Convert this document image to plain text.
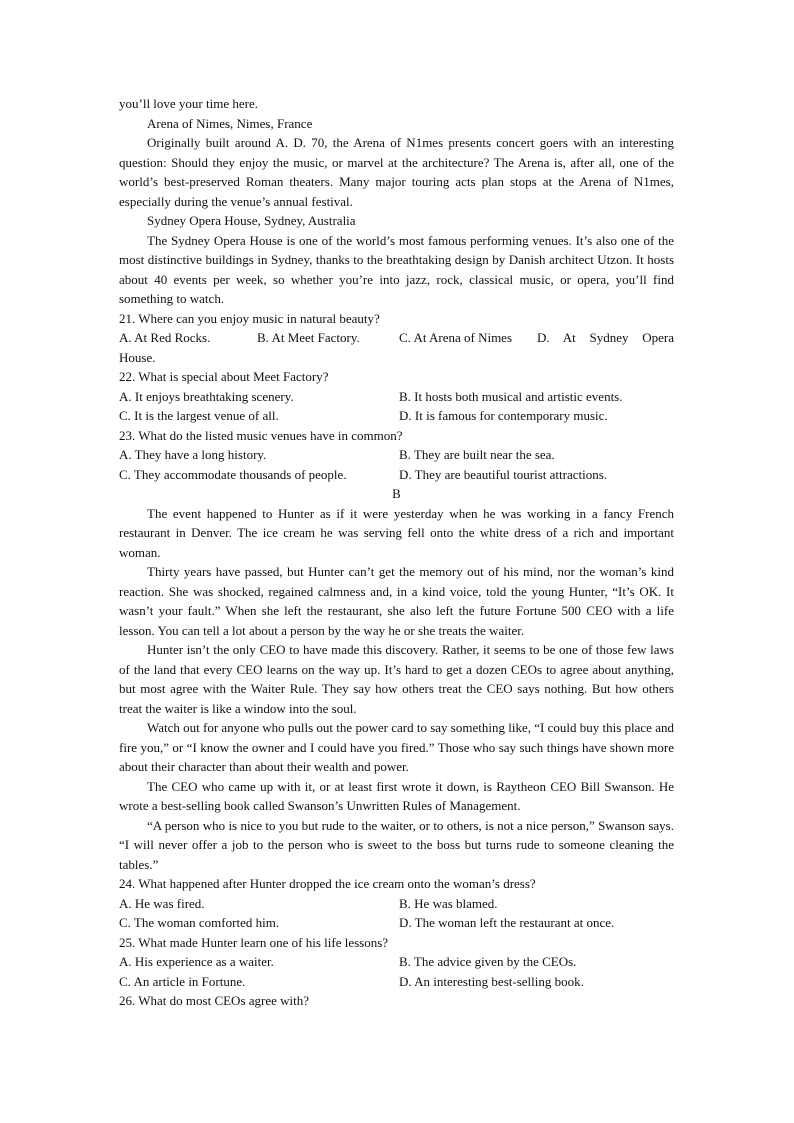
you’ll love your time here.

Arena of Nimes, Nimes, France

Originally built around A. D. 70, the Arena of N1mes presents concert goers with an interesting question: Should they enjoy the music, or marvel at the architecture? The Arena is, after all, one of the world’s best-preserved Roman theaters. Many major touring acts plan stops at the Arena of N1mes, especially during the venue’s annual festival.

Sydney Opera House, Sydney, Australia

The Sydney Opera House is one of the world’s most famous performing venues. It’s also one of the most distinctive buildings in Sydney, thanks to the breathtaking design by Danish architect Utzon. It hosts about 40 events per week, so whether you’re into jazz, rock, classical music, or opera, you’ll find something to watch.

21. Where can you enjoy music in natural beauty?

A. At Red Rocks.	B. At Meet Factory.	C. At Arena of Nimes	D. At Sydney Opera

House.

22. What is special about Meet Factory?

A. It enjoys breathtaking scenery.	B. It hosts both musical and artistic events.
C. It is the largest venue of all.	D. It is famous for contemporary music.

23. What do the listed music venues have in common?

A. They have a long history.	B. They are built near the sea.
C. They accommodate thousands of people.	D. They are beautiful tourist attractions.

B

The event happened to Hunter as if it were yesterday when he was working in a fancy French restaurant in Denver. The ice cream he was serving fell onto the white dress of a rich and important woman.

Thirty years have passed, but Hunter can’t get the memory out of his mind, nor the woman’s kind reaction. She was shocked, regained calmness and, in a kind voice, told the young Hunter, “It’s OK. It wasn’t your fault.” When she left the restaurant, she also left the future Fortune 500 CEO with a life lesson. You can tell a lot about a person by the way he or she treats the waiter.

Hunter isn’t the only CEO to have made this discovery. Rather, it seems to be one of those few laws of the land that every CEO learns on the way up. It’s hard to get a dozen CEOs to agree about anything, but most agree with the Waiter Rule. They say how others treat the CEO says nothing. But how others treat the waiter is like a window into the soul.

Watch out for anyone who pulls out the power card to say something like, “I could buy this place and fire you,” or “I know the owner and I could have you fired.” Those who say such things have shown more about their character than about their wealth and power.

The CEO who came up with it, or at least first wrote it down, is Raytheon CEO Bill Swanson. He wrote a best-selling book called Swanson’s Unwritten Rules of Management.

“A person who is nice to you but rude to the waiter, or to others, is not a nice person,” Swanson says. “I will never offer a job to the person who is sweet to the boss but turns rude to someone cleaning the tables.”

24. What happened after Hunter dropped the ice cream onto the woman’s dress?

A. He was fired.	B. He was blamed.
C. The woman comforted him.	D. The woman left the restaurant at once.

25. What made Hunter learn one of his life lessons?

A. His experience as a waiter.	B. The advice given by the CEOs.
C. An article in Fortune.	D. An interesting best-selling book.

26. What do most CEOs agree with?
